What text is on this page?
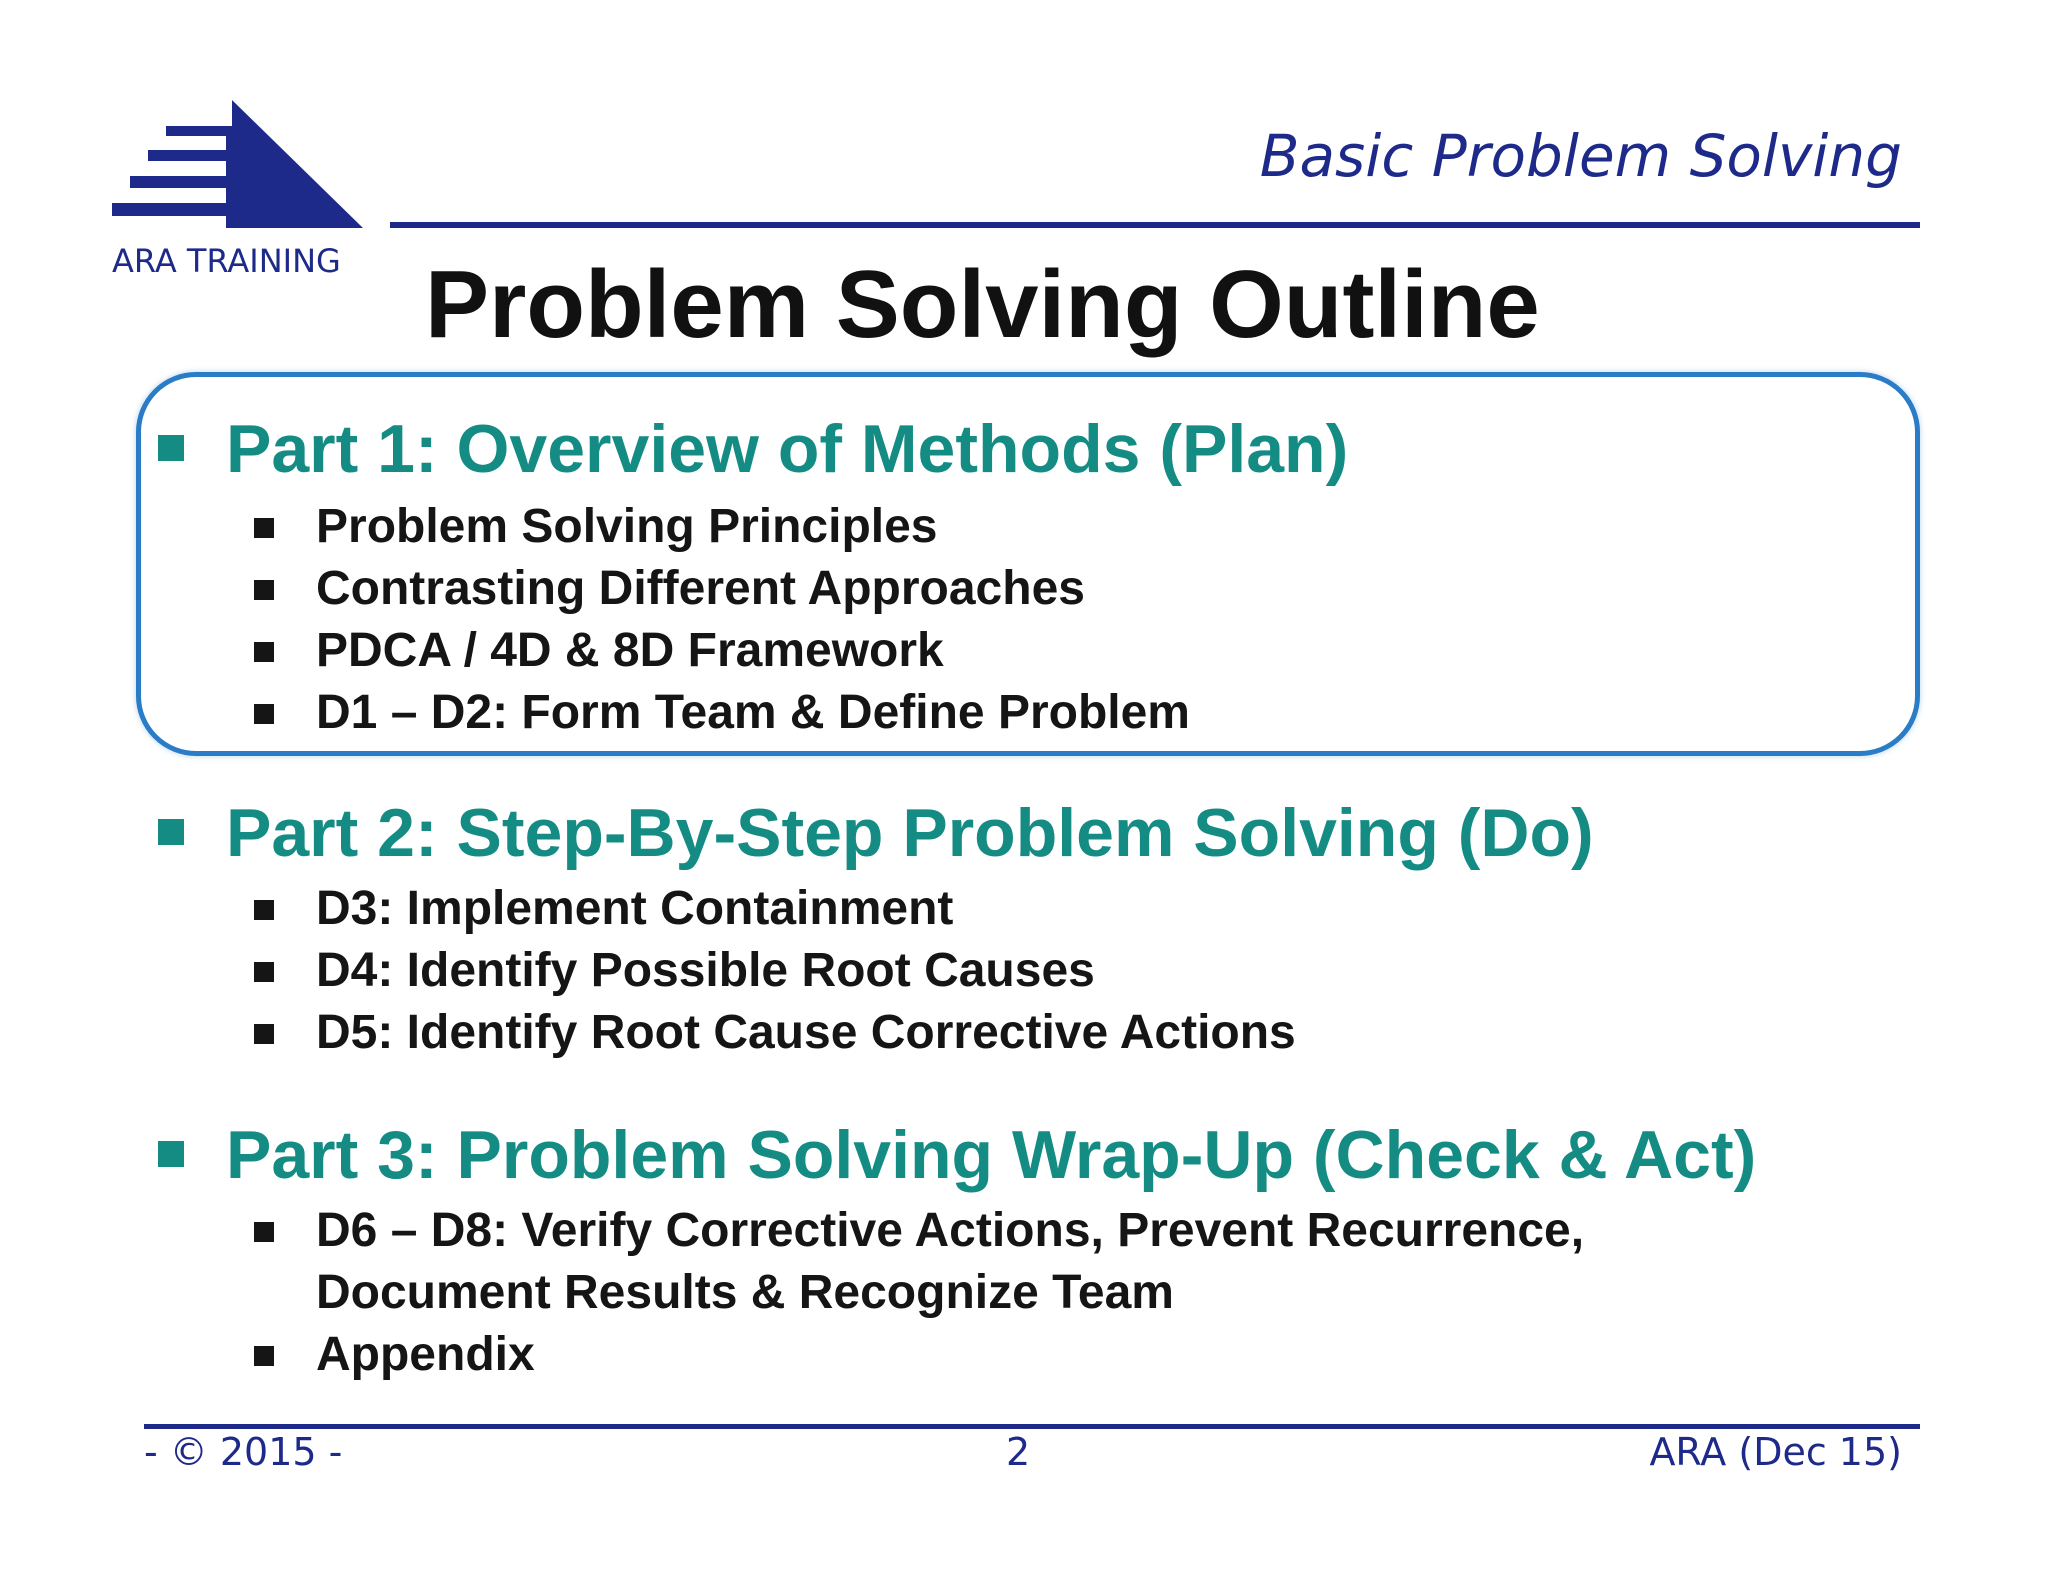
ARA TRAINING
Basic Problem Solving
Problem Solving Outline
Part 1: Overview of Methods (Plan)
Problem Solving Principles
Contrasting Different Approaches
PDCA / 4D & 8D Framework
D1 – D2: Form Team & Define Problem
Part 2: Step-By-Step Problem Solving (Do)
D3: Implement Containment
D4: Identify Possible Root Causes
D5: Identify Root Cause Corrective Actions
Part 3: Problem Solving Wrap-Up (Check & Act)
D6 – D8: Verify Corrective Actions, Prevent Recurrence,
Document Results & Recognize Team
Appendix
- © 2015 -	2	ARA (Dec 15)
